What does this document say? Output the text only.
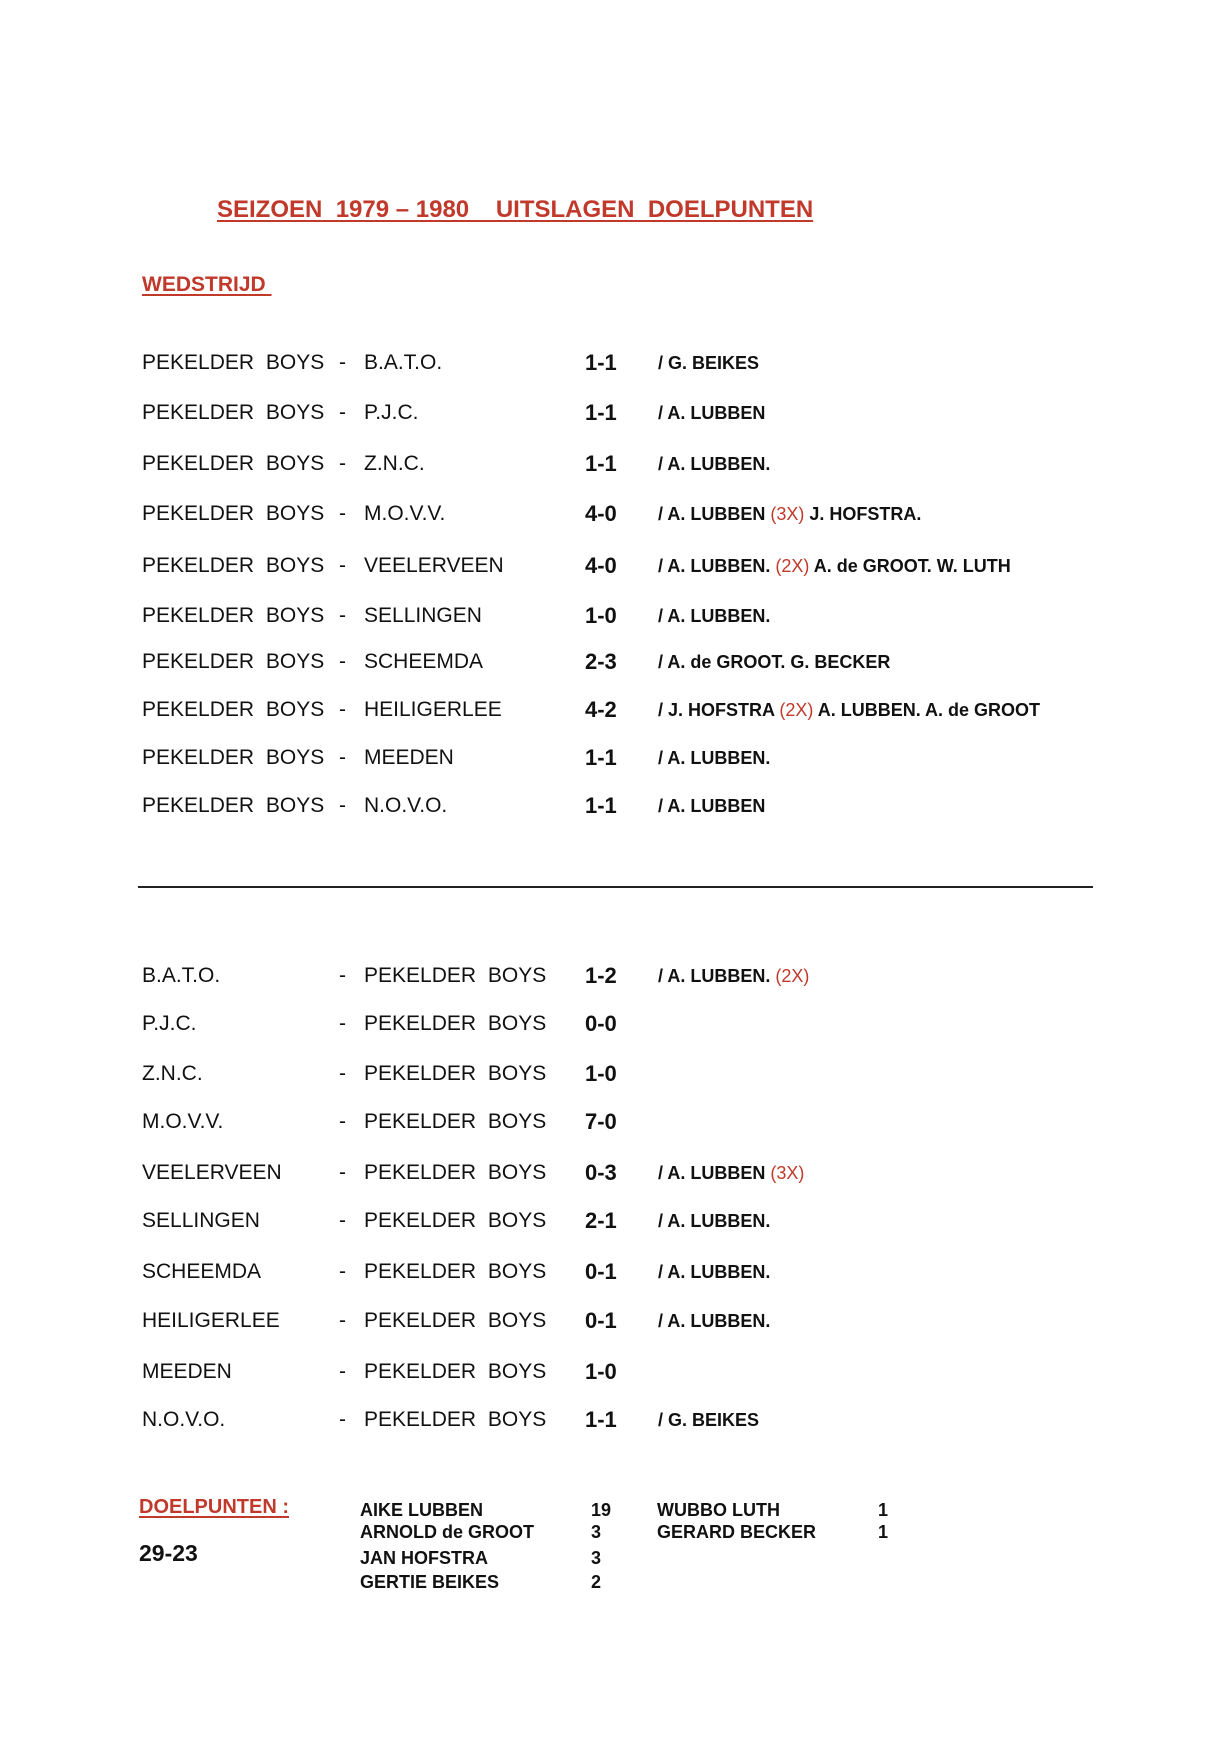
SEIZOEN  1979 – 1980    UITSLAGEN  DOELPUNTEN
WEDSTRIJD
PEKELDER BOYS - B.A.T.O.	1-1 / G. BEIKES
PEKELDER BOYS - P.J.C.	1-1 / A. LUBBEN
PEKELDER BOYS - Z.N.C.	1-1 / A. LUBBEN.
PEKELDER BOYS - M.O.V.V.	4-0 / A. LUBBEN (3X) J. HOFSTRA.
PEKELDER BOYS - VEELERVEEN	4-0 / A. LUBBEN. (2X) A. de GROOT. W. LUTH
PEKELDER BOYS - SELLINGEN	1-0 / A. LUBBEN.
PEKELDER BOYS - SCHEEMDA	2-3 / A. de GROOT. G. BECKER
PEKELDER BOYS - HEILIGERLEE	4-2 / J. HOFSTRA (2X) A. LUBBEN. A. de GROOT
PEKELDER BOYS - MEEDEN	1-1 / A. LUBBEN.
PEKELDER BOYS - N.O.V.O.	1-1 / A. LUBBEN
B.A.T.O.	- PEKELDER BOYS 1-2 / A. LUBBEN. (2X)
P.J.C.	- PEKELDER BOYS 0-0
Z.N.C.	- PEKELDER BOYS 1-0
M.O.V.V.	- PEKELDER BOYS 7-0
VEELERVEEN	- PEKELDER BOYS 0-3 / A. LUBBEN (3X)
SELLINGEN	- PEKELDER BOYS 2-1 / A. LUBBEN.
SCHEEMDA	- PEKELDER BOYS 0-1 / A. LUBBEN.
HEILIGERLEE	- PEKELDER BOYS 0-1 / A. LUBBEN.
MEEDEN	- PEKELDER BOYS 1-0
N.O.V.O.	- PEKELDER BOYS 1-1 / G. BEIKES
DOELPUNTEN :
29-23
AIKE LUBBEN	19
ARNOLD de GROOT	3
JAN HOFSTRA	3
GERTIE BEIKES	2
WUBBO LUTH	1
GERARD BECKER	1
